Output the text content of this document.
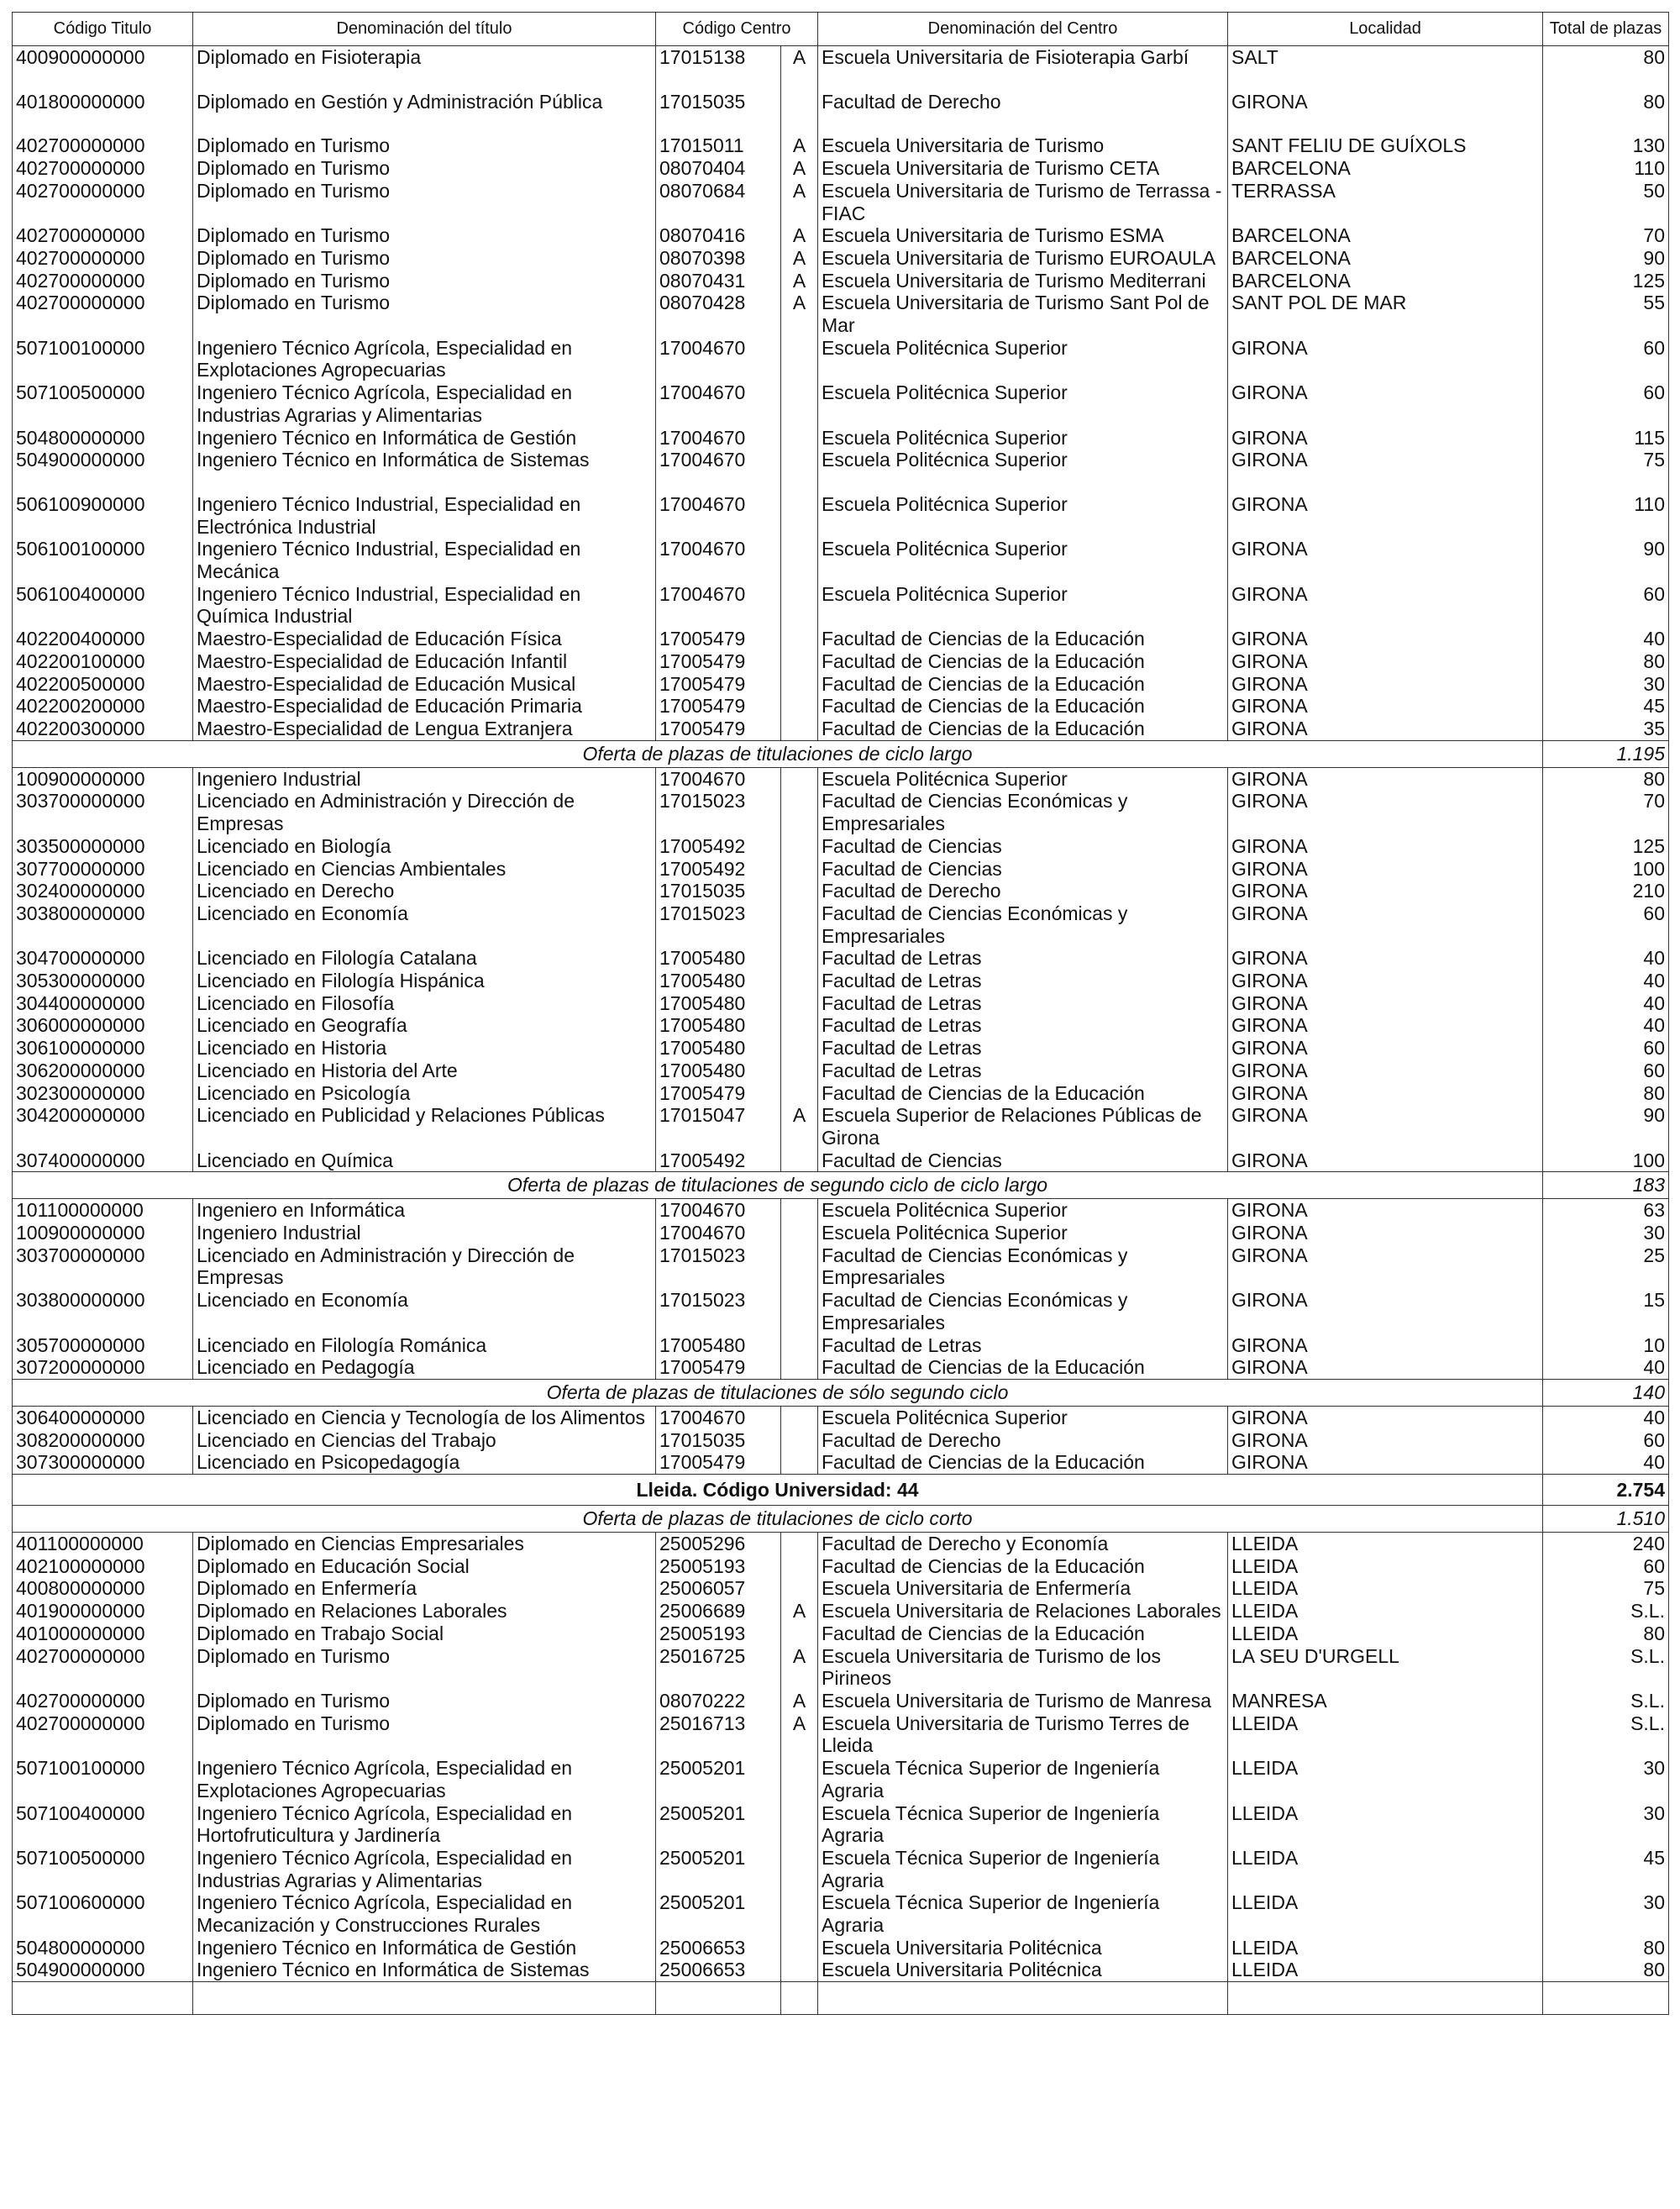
Código Titulo	Denominación del título	Código Centro		Denominación del Centro	Localidad	Total de plazas
400900000000	Diplomado en Fisioterapia	17015138	A	Escuela Universitaria de Fisioterapia Garbí	SALT	80

401800000000	Diplomado en Gestión y Administración Pública	17015035		Facultad de Derecho	GIRONA	80

402700000000	Diplomado en Turismo	17015011	A	Escuela Universitaria de Turismo	SANT FELIU DE GUÍXOLS	130
402700000000	Diplomado en Turismo	08070404	A	Escuela Universitaria de Turismo CETA	BARCELONA	110
402700000000	Diplomado en Turismo	08070684	A	Escuela Universitaria de Turismo de Terrassa - FIAC	TERRASSA	50
402700000000	Diplomado en Turismo	08070416	A	Escuela Universitaria de Turismo ESMA	BARCELONA	70
402700000000	Diplomado en Turismo	08070398	A	Escuela Universitaria de Turismo EUROAULA	BARCELONA	90
402700000000	Diplomado en Turismo	08070431	A	Escuela Universitaria de Turismo Mediterrani	BARCELONA	125
402700000000	Diplomado en Turismo	08070428	A	Escuela Universitaria de Turismo Sant Pol de Mar	SANT POL DE MAR	55
507100100000	Ingeniero Técnico Agrícola, Especialidad en Explotaciones Agropecuarias	17004670		Escuela Politécnica Superior	GIRONA	60
507100500000	Ingeniero Técnico Agrícola, Especialidad en Industrias Agrarias y Alimentarias	17004670		Escuela Politécnica Superior	GIRONA	60
504800000000	Ingeniero Técnico en Informática de Gestión	17004670		Escuela Politécnica Superior	GIRONA	115
504900000000	Ingeniero Técnico en Informática de Sistemas	17004670		Escuela Politécnica Superior	GIRONA	75

506100900000	Ingeniero Técnico Industrial, Especialidad en Electrónica Industrial	17004670		Escuela Politécnica Superior	GIRONA	110
506100100000	Ingeniero Técnico Industrial, Especialidad en Mecánica	17004670		Escuela Politécnica Superior	GIRONA	90
506100400000	Ingeniero Técnico Industrial, Especialidad en Química Industrial	17004670		Escuela Politécnica Superior	GIRONA	60
402200400000	Maestro-Especialidad de Educación Física	17005479		Facultad de Ciencias de la Educación	GIRONA	40
402200100000	Maestro-Especialidad de Educación Infantil	17005479		Facultad de Ciencias de la Educación	GIRONA	80
402200500000	Maestro-Especialidad de Educación Musical	17005479		Facultad de Ciencias de la Educación	GIRONA	30
402200200000	Maestro-Especialidad de Educación Primaria	17005479		Facultad de Ciencias de la Educación	GIRONA	45
402200300000	Maestro-Especialidad de Lengua Extranjera	17005479		Facultad de Ciencias de la Educación	GIRONA	35
Oferta de plazas de titulaciones de ciclo largo						1.195
100900000000	Ingeniero Industrial	17004670		Escuela Politécnica Superior	GIRONA	80
303700000000	Licenciado en Administración y Dirección de Empresas	17015023		Facultad de Ciencias Económicas y Empresariales	GIRONA	70
303500000000	Licenciado en Biología	17005492		Facultad de Ciencias	GIRONA	125
307700000000	Licenciado en Ciencias Ambientales	17005492		Facultad de Ciencias	GIRONA	100
302400000000	Licenciado en Derecho	17015035		Facultad de Derecho	GIRONA	210
303800000000	Licenciado en Economía	17015023		Facultad de Ciencias Económicas y Empresariales	GIRONA	60
304700000000	Licenciado en Filología Catalana	17005480		Facultad de Letras	GIRONA	40
305300000000	Licenciado en Filología Hispánica	17005480		Facultad de Letras	GIRONA	40
304400000000	Licenciado en Filosofía	17005480		Facultad de Letras	GIRONA	40
306000000000	Licenciado en Geografía	17005480		Facultad de Letras	GIRONA	40
306100000000	Licenciado en Historia	17005480		Facultad de Letras	GIRONA	60
306200000000	Licenciado en Historia del Arte	17005480		Facultad de Letras	GIRONA	60
302300000000	Licenciado en Psicología	17005479		Facultad de Ciencias de la Educación	GIRONA	80
304200000000	Licenciado en Publicidad y Relaciones Públicas	17015047	A	Escuela Superior de Relaciones Públicas de Girona	GIRONA	90
307400000000	Licenciado en Química	17005492		Facultad de Ciencias	GIRONA	100
Oferta de plazas de titulaciones de segundo ciclo de ciclo largo						183
101100000000	Ingeniero en Informática	17004670		Escuela Politécnica Superior	GIRONA	63
100900000000	Ingeniero Industrial	17004670		Escuela Politécnica Superior	GIRONA	30
303700000000	Licenciado en Administración y Dirección de Empresas	17015023		Facultad de Ciencias Económicas y Empresariales	GIRONA	25
303800000000	Licenciado en Economía	17015023		Facultad de Ciencias Económicas y Empresariales	GIRONA	15
305700000000	Licenciado en Filología Románica	17005480		Facultad de Letras	GIRONA	10
307200000000	Licenciado en Pedagogía	17005479		Facultad de Ciencias de la Educación	GIRONA	40
Oferta de plazas de titulaciones de sólo segundo ciclo						140
306400000000	Licenciado en Ciencia y Tecnología de los Alimentos	17004670		Escuela Politécnica Superior	GIRONA	40
308200000000	Licenciado en Ciencias del Trabajo	17015035		Facultad de Derecho	GIRONA	60
307300000000	Licenciado en Psicopedagogía	17005479		Facultad de Ciencias de la Educación	GIRONA	40
Lleida. Código Universidad: 44						2.754
Oferta de plazas de titulaciones de ciclo corto						1.510
401100000000	Diplomado en Ciencias Empresariales	25005296		Facultad de Derecho y Economía	LLEIDA	240
402100000000	Diplomado en Educación Social	25005193		Facultad de Ciencias de la Educación	LLEIDA	60
400800000000	Diplomado en Enfermería	25006057		Escuela Universitaria de Enfermería	LLEIDA	75
401900000000	Diplomado en Relaciones Laborales	25006689	A	Escuela Universitaria de Relaciones Laborales	LLEIDA	S.L.
401000000000	Diplomado en Trabajo Social	25005193		Facultad de Ciencias de la Educación	LLEIDA	80
402700000000	Diplomado en Turismo	25016725	A	Escuela Universitaria de Turismo de los Pirineos	LA SEU D'URGELL	S.L.
402700000000	Diplomado en Turismo	08070222	A	Escuela Universitaria de Turismo de Manresa	MANRESA	S.L.
402700000000	Diplomado en Turismo	25016713	A	Escuela Universitaria de Turismo Terres de Lleida	LLEIDA	S.L.
507100100000	Ingeniero Técnico Agrícola, Especialidad en Explotaciones Agropecuarias	25005201		Escuela Técnica Superior de Ingeniería Agraria	LLEIDA	30
507100400000	Ingeniero Técnico Agrícola, Especialidad en Hortofruticultura y Jardinería	25005201		Escuela Técnica Superior de Ingeniería Agraria	LLEIDA	30
507100500000	Ingeniero Técnico Agrícola, Especialidad en Industrias Agrarias y Alimentarias	25005201		Escuela Técnica Superior de Ingeniería Agraria	LLEIDA	45
507100600000	Ingeniero Técnico Agrícola, Especialidad en Mecanización y Construcciones Rurales	25005201		Escuela Técnica Superior de Ingeniería Agraria	LLEIDA	30
504800000000	Ingeniero Técnico en Informática de Gestión	25006653		Escuela Universitaria Politécnica	LLEIDA	80
504900000000	Ingeniero Técnico en Informática de Sistemas	25006653		Escuela Universitaria Politécnica	LLEIDA	80
